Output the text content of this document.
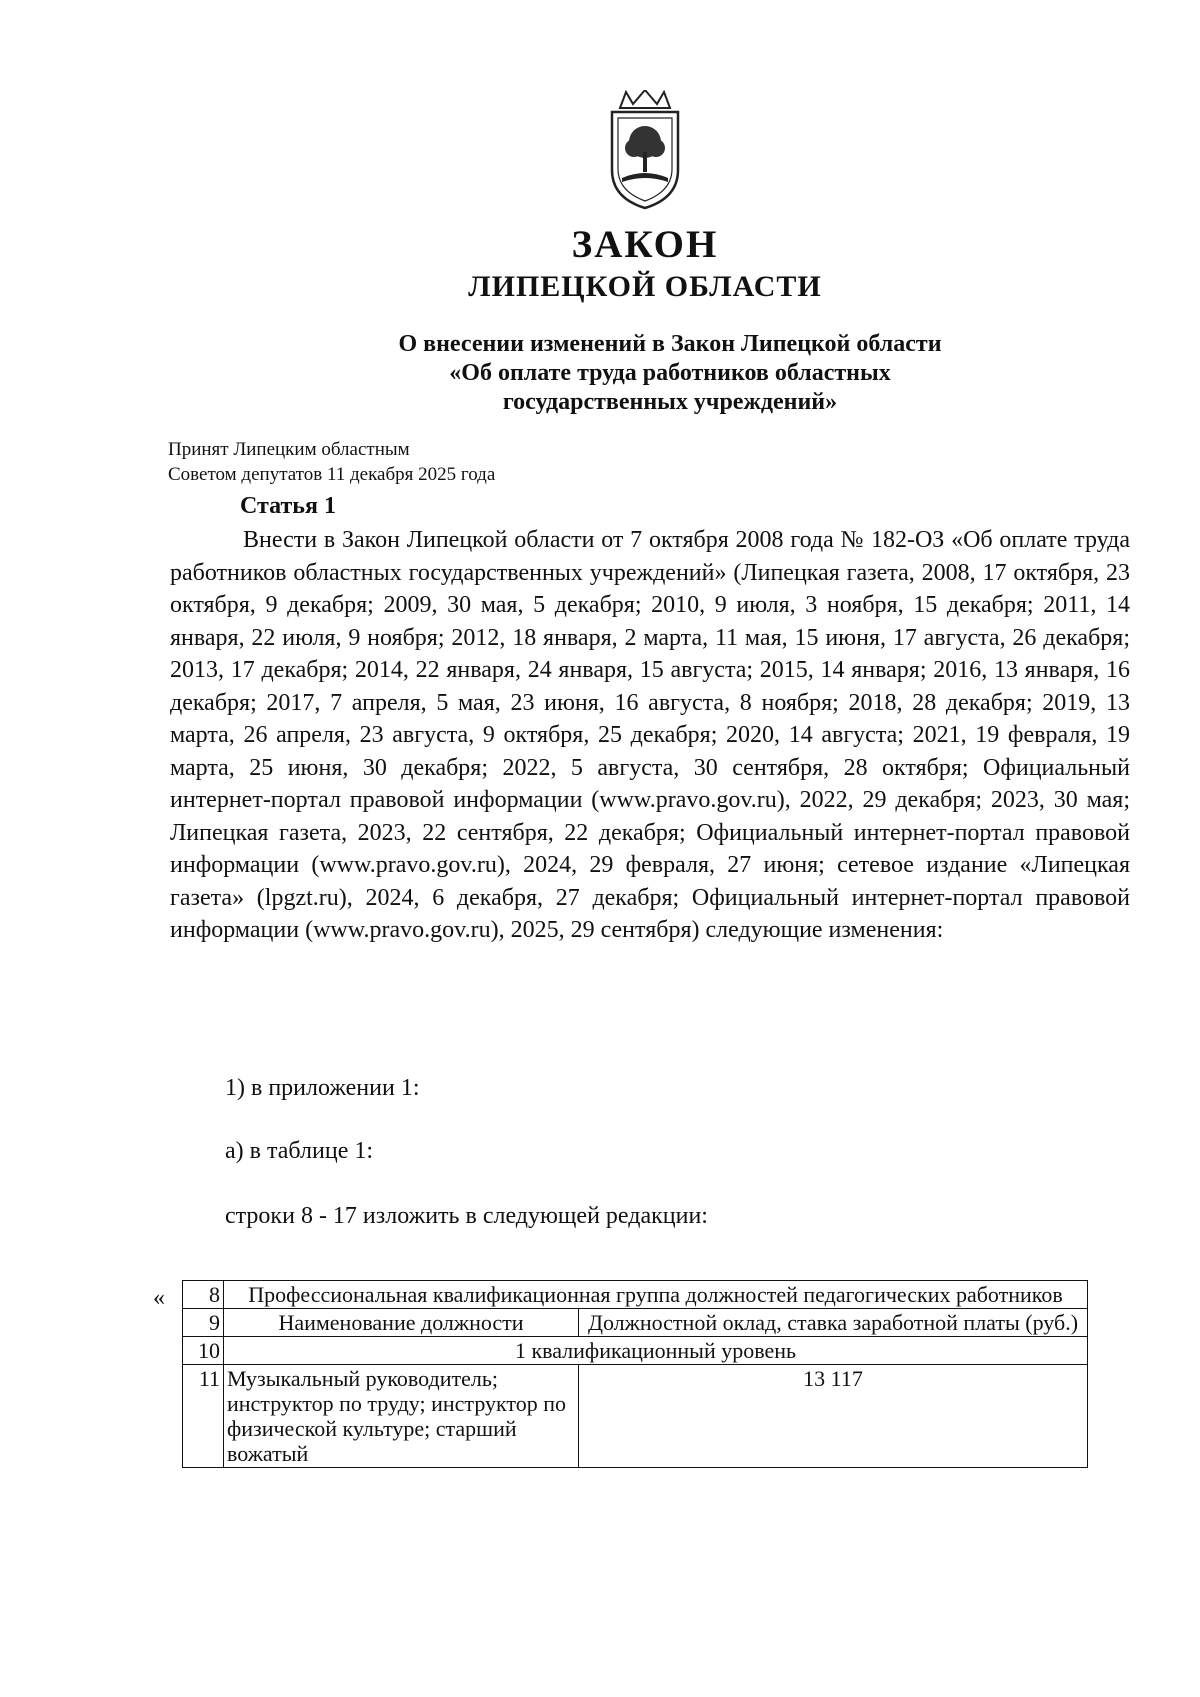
ЗАКОН
ЛИПЕЦКОЙ ОБЛАСТИ
О внесении изменений в Закон Липецкой области
«Об оплате труда работников областных
государственных учреждений»
Принят Липецким областным
Советом депутатов 11 декабря 2025 года
Статья 1

Внести в Закон Липецкой области от 7 октября 2008 года № 182-ОЗ «Об оплате труда работников областных государственных учреждений» (Липецкая газета, 2008, 17 октября, 23 октября, 9 декабря; 2009, 30 мая, 5 декабря; 2010, 9 июля, 3 ноября, 15 декабря; 2011, 14 января, 22 июля, 9 ноября; 2012, 18 января, 2 марта, 11 мая, 15 июня, 17 августа, 26 декабря; 2013, 17 декабря; 2014, 22 января, 24 января, 15 августа; 2015, 14 января; 2016, 13 января, 16 декабря; 2017, 7 апреля, 5 мая, 23 июня, 16 августа, 8 ноября; 2018, 28 декабря; 2019, 13 марта, 26 апреля, 23 августа, 9 октября, 25 декабря; 2020, 14 августа; 2021, 19 февраля, 19 марта, 25 июня, 30 декабря; 2022, 5 августа, 30 сентября, 28 октября; Официальный интернет-портал правовой информации (www.pravo.gov.ru), 2022, 29 декабря; 2023, 30 мая; Липецкая газета, 2023, 22 сентября, 22 декабря; Официальный интернет-портал правовой информации (www.pravo.gov.ru), 2024, 29 февраля, 27 июня; сетевое издание «Липецкая газета» (lpgzt.ru), 2024, 6 декабря, 27 декабря; Официальный интернет-портал правовой информации (www.pravo.gov.ru), 2025, 29 сентября) следующие изменения:

1) в приложении 1:
а) в таблице 1:
строки 8 - 17 изложить в следующей редакции:
« 8	Профессиональная квалификационная группа должностей педагогических работников	
9	Наименование должности	Должностной оклад, ставка заработной платы (руб.)
10	1 квалификационный уровень	
11	Музыкальный руководитель; инструктор по труду; инструктор по физической культуре; старший вожатый	13 117
